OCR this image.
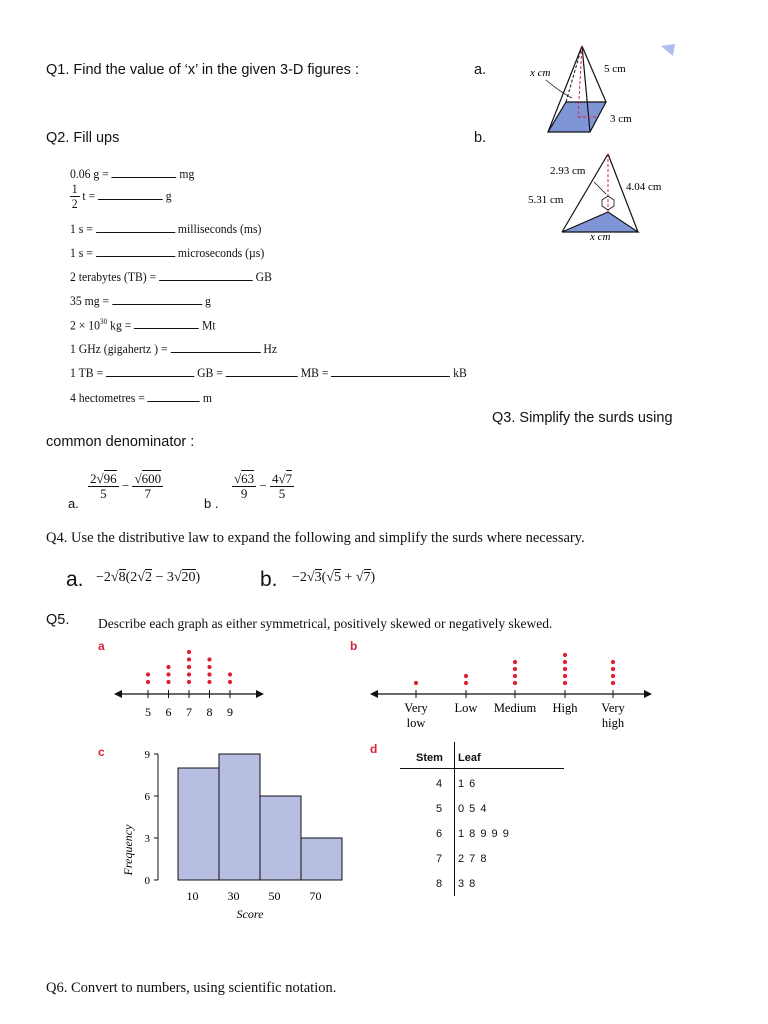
Q1. Find the value of ‘x’ in the given 3-D figures :	a.
b.
x cm	5 cm
3 cm
2.93 cm
4.04 cm
5.31 cm
x cm
Q2. Fill ups
0.06 g =	mg
$\frac{1}{2}$ t =	g
1 s =	milliseconds (ms)
1 s =	microseconds (µs)
2 terabytes (TB) =	GB
35 mg =	g
$2 \times 10^{30}$ kg =	Mt
1 GHz (gigahertz ) =	Hz
1 TB =	GB =	MB =	kB
4 hectometres =	m
Q3. Simplify the surds using
common denominator :
a.
$\frac{2√96}{5} - \frac{√600}{7}$
b .
$\frac{√63}{9} - \frac{4√7}{5}$
Q4. Use the distributive law to expand the following and simplify the surds where necessary.
a. −2√8(2√2 − 3√20)	b. −2√3(√5 + √7)
Q5. Describe each graph as either symmetrical, positively skewed or negatively skewed.
a
5 6 7 8 9
b
Very
low
Low Medium High Very
high
c
Frequency
Score
0
3
6
9
10 30 50 70
d
Stem Leaf
4 1 6
5 0 5 4
6 1 8 9 9 9
7 2 7 8
8 3 8
Q6. Convert to numbers, using scientific notation.
